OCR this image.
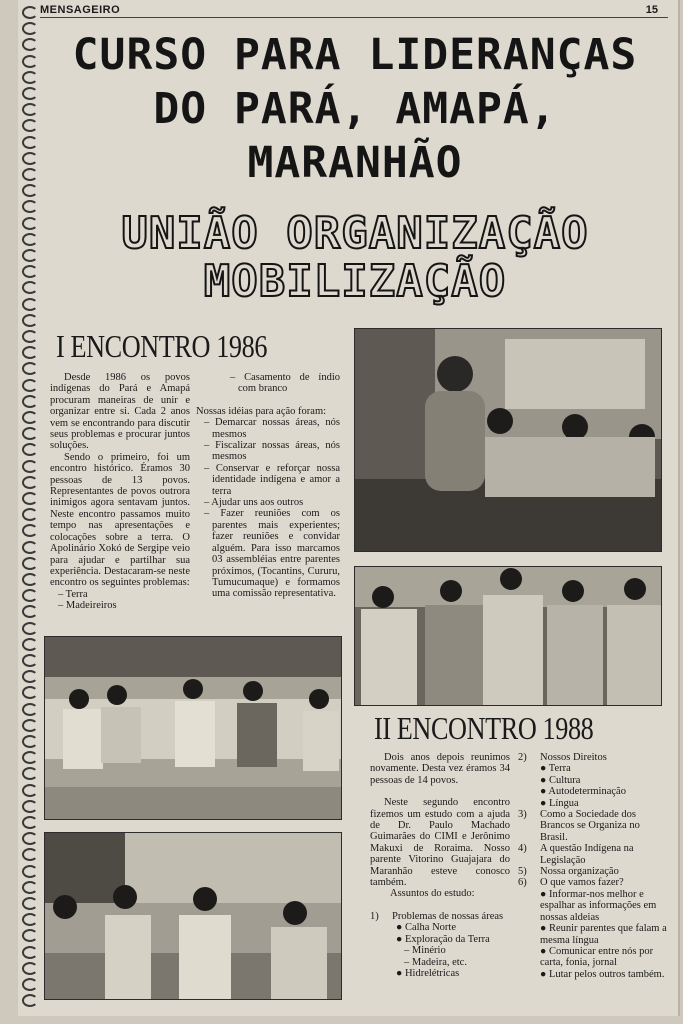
MENSAGEIRO	15
CURSO PARA LIDERANÇAS
DO PARÁ, AMAPÁ,
MARANHÃO
UNIÃO ORGANIZAÇÃO
MOBILIZAÇÃO
I ENCONTRO 1986

Desde 1986 os povos indígenas do Pará e Amapá procuram maneiras de unir e organizar entre si. Cada 2 anos vem se encontrando para discutir seus problemas e procurar juntos soluções.

Sendo o primeiro, foi um encontro histórico. Éramos 30 pessoas de 13 povos. Representantes de povos outrora inimigos agora sentavam juntos. Neste encontro passamos muito tempo nas apresentações e colocações sobre a terra. O Apolinário Xokó de Sergipe veio para ajudar e partilhar sua experiência. Destacaram-se neste encontro os seguintes problemas:

– Terra
– Madeireiros
– Casamento de índio com branco
Nossas idéias para ação foram:
– Demarcar nossas áreas, nós mesmos
– Fiscalizar nossas áreas, nós mesmos
– Conservar e reforçar nossa identidade indígena e amor a terra
– Ajudar uns aos outros
– Fazer reuniões com os parentes mais experientes; fazer reuniões e convidar alguém. Para isso marcamos 03 assembléias entre parentes próximos, (Tocantins, Cururu, Tumucumaque) e formamos uma comissão representativa.
II ENCONTRO 1988

Dois anos depois reunimos novamente. Desta vez éramos 34 pessoas de 14 povos.

Neste segundo encontro fizemos um estudo com a ajuda de Dr. Paulo Machado Guimarães do CIMI e Jerônimo Makuxi de Roraima. Nosso parente Vitorino Guajajara do Maranhão esteve conosco também.

Assuntos do estudo:

1)	Problemas de nossas áreas
● Calha Norte
● Exploração da Terra
– Minério
– Madeira, etc.
● Hidrelétricas
2)	Nossos Direitos
● Terra
● Cultura
● Autodeterminação
● Língua
3)	Como a Sociedade dos Brancos se Organiza no Brasil.
4)	A questão Indígena na Legislação
5)	Nossa organização
6)	O que vamos fazer?
● Informar-nos melhor e espalhar as informações em nossas aldeias
● Reunir parentes que falam a mesma língua
● Comunicar entre nós por carta, fonia, jornal
● Lutar pelos outros também.
